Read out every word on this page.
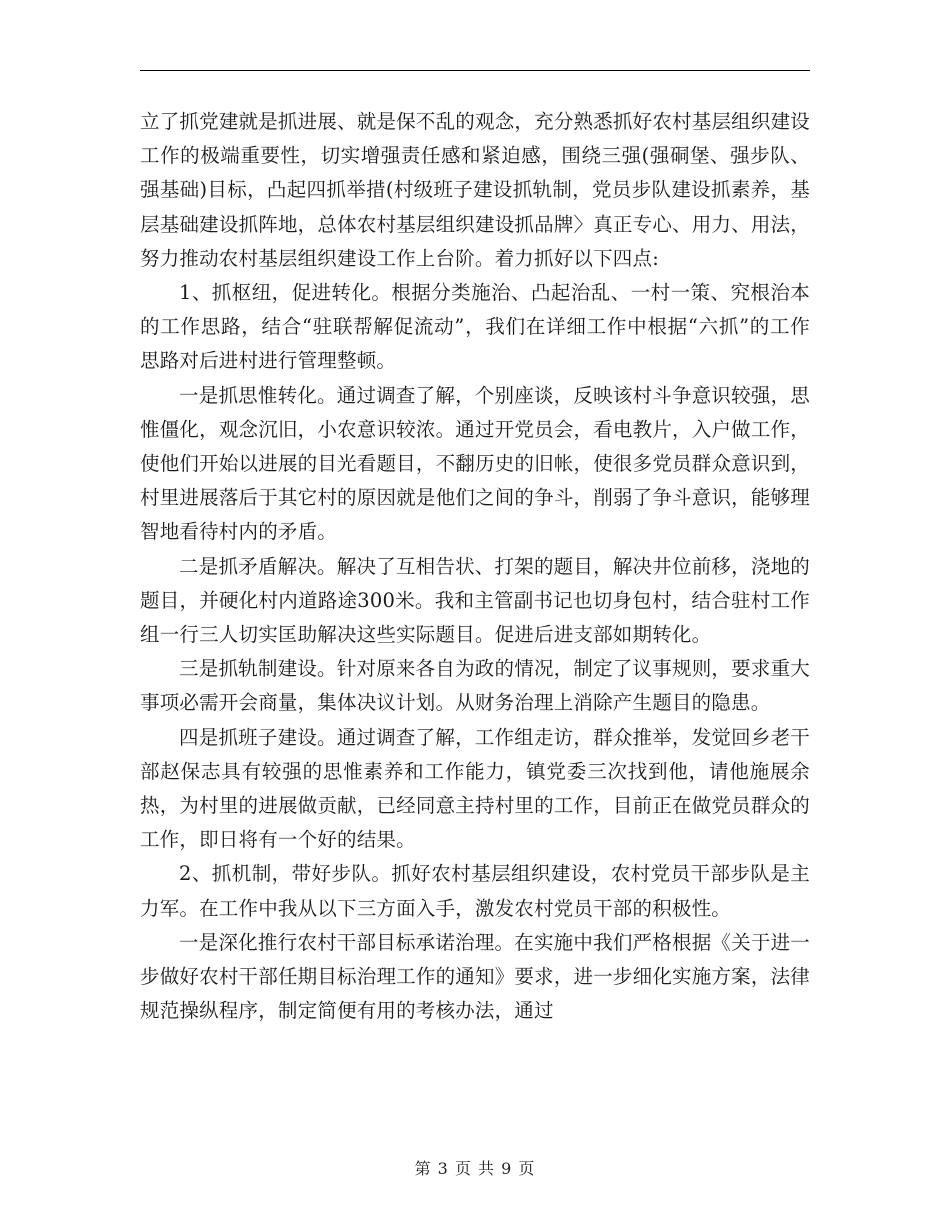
立了抓党建就是抓进展、就是保不乱的观念，充分熟悉抓好农村基层组织建设工作的极端重要性，切实增强责任感和紧迫感，围绕三强(强硐堡、强步队、强基础)目标，凸起四抓举措(村级班子建设抓轨制，党员步队建设抓素养，基层基础建设抓阵地，总体农村基层组织建设抓品牌〉真正专心、用力、用法，努力推动农村基层组织建设工作上台阶。着力抓好以下四点:

1、抓枢纽，促进转化。根据分类施治、凸起治乱、一村一策、究根治本的工作思路，结合“驻联帮解促流动”，我们在详细工作中根据“六抓”的工作思路对后进村进行管理整顿。

一是抓思惟转化。通过调查了解，个别座谈，反映该村斗争意识较强，思惟僵化，观念沉旧，小农意识较浓。通过开党员会，看电教片，入户做工作，使他们开始以进展的目光看题目，不翻历史的旧帐，使很多党员群众意识到，村里进展落后于其它村的原因就是他们之间的争斗，削弱了争斗意识，能够理智地看待村内的矛盾。

二是抓矛盾解决。解决了互相告状、打架的题目，解决井位前移，浇地的题目，并硬化村内道路途300米。我和主管副书记也切身包村，结合驻村工作组一行三人切实匡助解决这些实际题目。促进后进支部如期转化。

三是抓轨制建设。针对原来各自为政的情况，制定了议事规则，要求重大事项必需开会商量，集体决议计划。从财务治理上消除产生题目的隐患。

四是抓班子建设。通过调查了解，工作组走访，群众推举，发觉回乡老干部赵保志具有较强的思惟素养和工作能力，镇党委三次找到他，请他施展余热，为村里的进展做贡献，已经同意主持村里的工作，目前正在做党员群众的工作，即日将有一个好的结果。

2、抓机制，带好步队。抓好农村基层组织建设，农村党员干部步队是主力军。在工作中我从以下三方面入手，激发农村党员干部的积极性。

一是深化推行农村干部目标承诺治理。在实施中我们严格根据《关于进一步做好农村干部任期目标治理工作的通知》要求，进一步细化实施方案，法律规范操纵程序，制定简便有用的考核办法，通过

第 3 页 共 9 页
